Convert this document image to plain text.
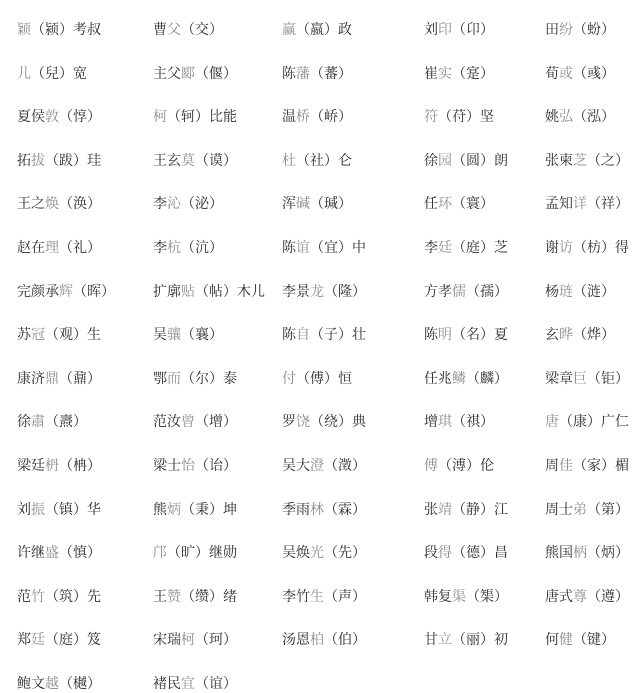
颖（颍）考叔
儿（兒）宽
夏侯敦（惇）
拓拔（跋）珪
王之焕（涣）
赵在理（礼）
完颜承辉（晖）
苏冠（观）生
康济鼎（鼐）
徐肅（燾）
梁廷枬（柟）
刘振（镇）华
许继盛（慎）
范竹（筑）先
郑廷（庭）笈
鲍文越（樾）
曹父（交）
主父郾（偃）
柯（轲）比能
王玄莫（谟）
李沁（泌）
李杭（沆）
扩廓贴（帖）木儿
吴骧（襄）
鄂而（尔）泰
范汝曾（增）
梁士怡（诒）
熊炳（秉）坤
邝（旷）继勋
王赞（缵）绪
宋瑞柯（珂）
褚民宜（谊）
赢（嬴）政
陈藩（蕃）
温桥（峤）
杜（社）仑
浑碱（瑊）
陈谊（宜）中
李景龙（隆）
陈自（子）壮
付（傅）恒
罗饶（绕）典
吴大澄（澂）
季雨林（霖）
吴焕光（先）
李竹生（声）
汤恩柏（伯）
刘印（卬）
崔实（寔）
符（苻）坚
徐园（圆）朗
任环（寰）
李廷（庭）芝
方孝儒（孺）
陈明（名）夏
任兆鳞（麟）
增琪（祺）
傅（溥）伦
张靖（静）江
段得（德）昌
韩复渠（榘）
甘立（丽）初
田纷（蚡）
荀或（彧）
姚弘（泓）
张柬芝（之）
孟知详（祥）
谢访（枋）得
杨琏（涟）
玄晔（烨）
梁章巨（钜）
唐（康）广仁
周佳（家）楣
周士弟（第）
熊国柄（炳）
唐式尊（遵）
何健（键）
